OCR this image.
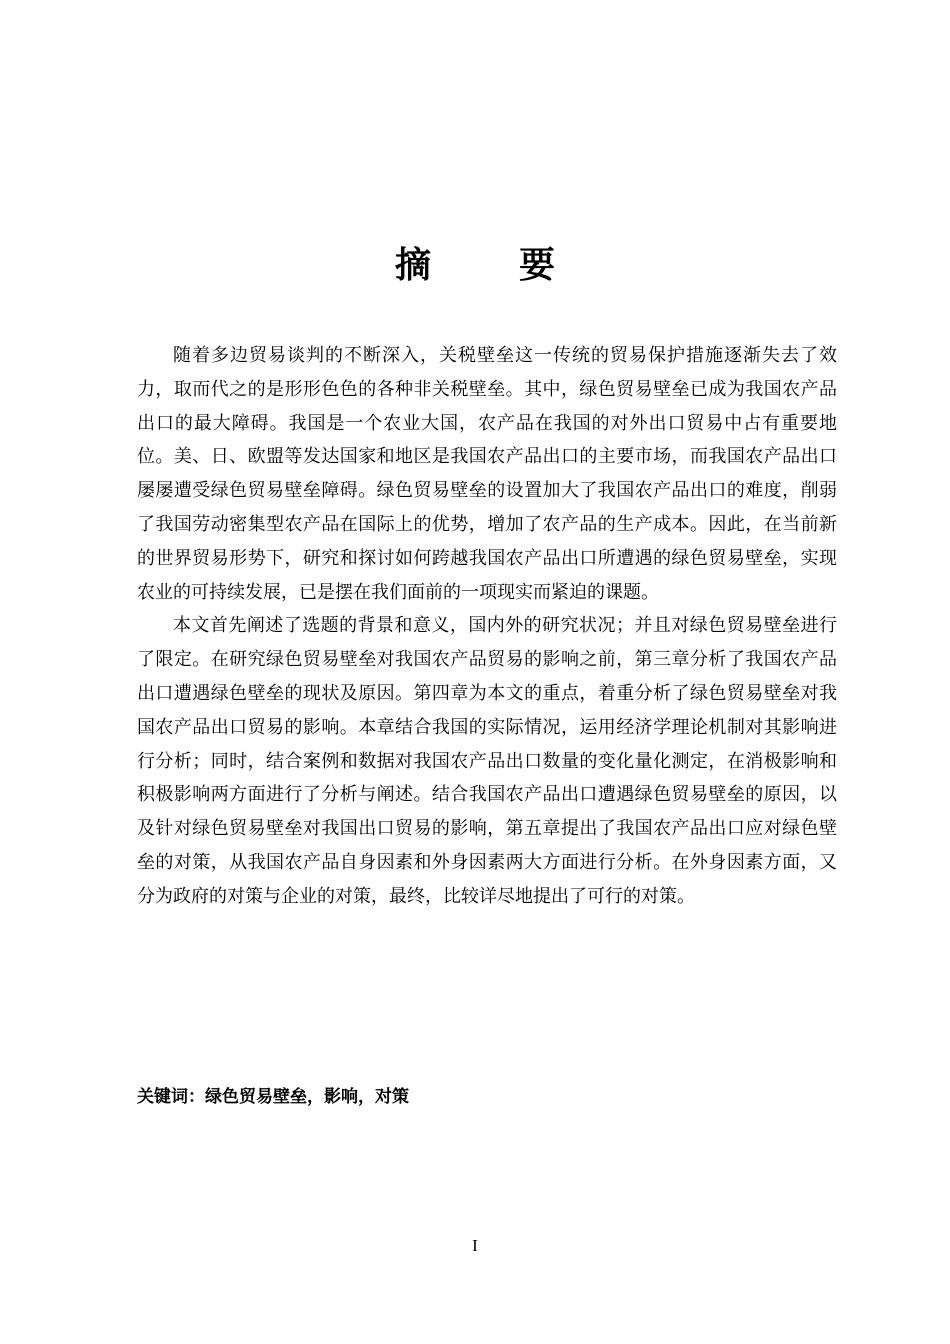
摘要

随着多边贸易谈判的不断深入，关税壁垒这一传统的贸易保护措施逐渐失去了效力，取而代之的是形形色色的各种非关税壁垒。其中，绿色贸易壁垒已成为我国农产品出口的最大障碍。我国是一个农业大国，农产品在我国的对外出口贸易中占有重要地位。美、日、欧盟等发达国家和地区是我国农产品出口的主要市场，而我国农产品出口屡屡遭受绿色贸易壁垒障碍。绿色贸易壁垒的设置加大了我国农产品出口的难度，削弱了我国劳动密集型农产品在国际上的优势，增加了农产品的生产成本。因此，在当前新的世界贸易形势下，研究和探讨如何跨越我国农产品出口所遭遇的绿色贸易壁垒，实现农业的可持续发展，已是摆在我们面前的一项现实而紧迫的课题。

本文首先阐述了选题的背景和意义，国内外的研究状况；并且对绿色贸易壁垒进行了限定。在研究绿色贸易壁垒对我国农产品贸易的影响之前，第三章分析了我国农产品出口遭遇绿色壁垒的现状及原因。第四章为本文的重点，着重分析了绿色贸易壁垒对我国农产品出口贸易的影响。本章结合我国的实际情况，运用经济学理论机制对其影响进行分析；同时，结合案例和数据对我国农产品出口数量的变化量化测定，在消极影响和积极影响两方面进行了分析与阐述。结合我国农产品出口遭遇绿色贸易壁垒的原因，以及针对绿色贸易壁垒对我国出口贸易的影响，第五章提出了我国农产品出口应对绿色壁垒的对策，从我国农产品自身因素和外身因素两大方面进行分析。在外身因素方面，又分为政府的对策与企业的对策，最终，比较详尽地提出了可行的对策。

关键词：绿色贸易壁垒，影响，对策
I
